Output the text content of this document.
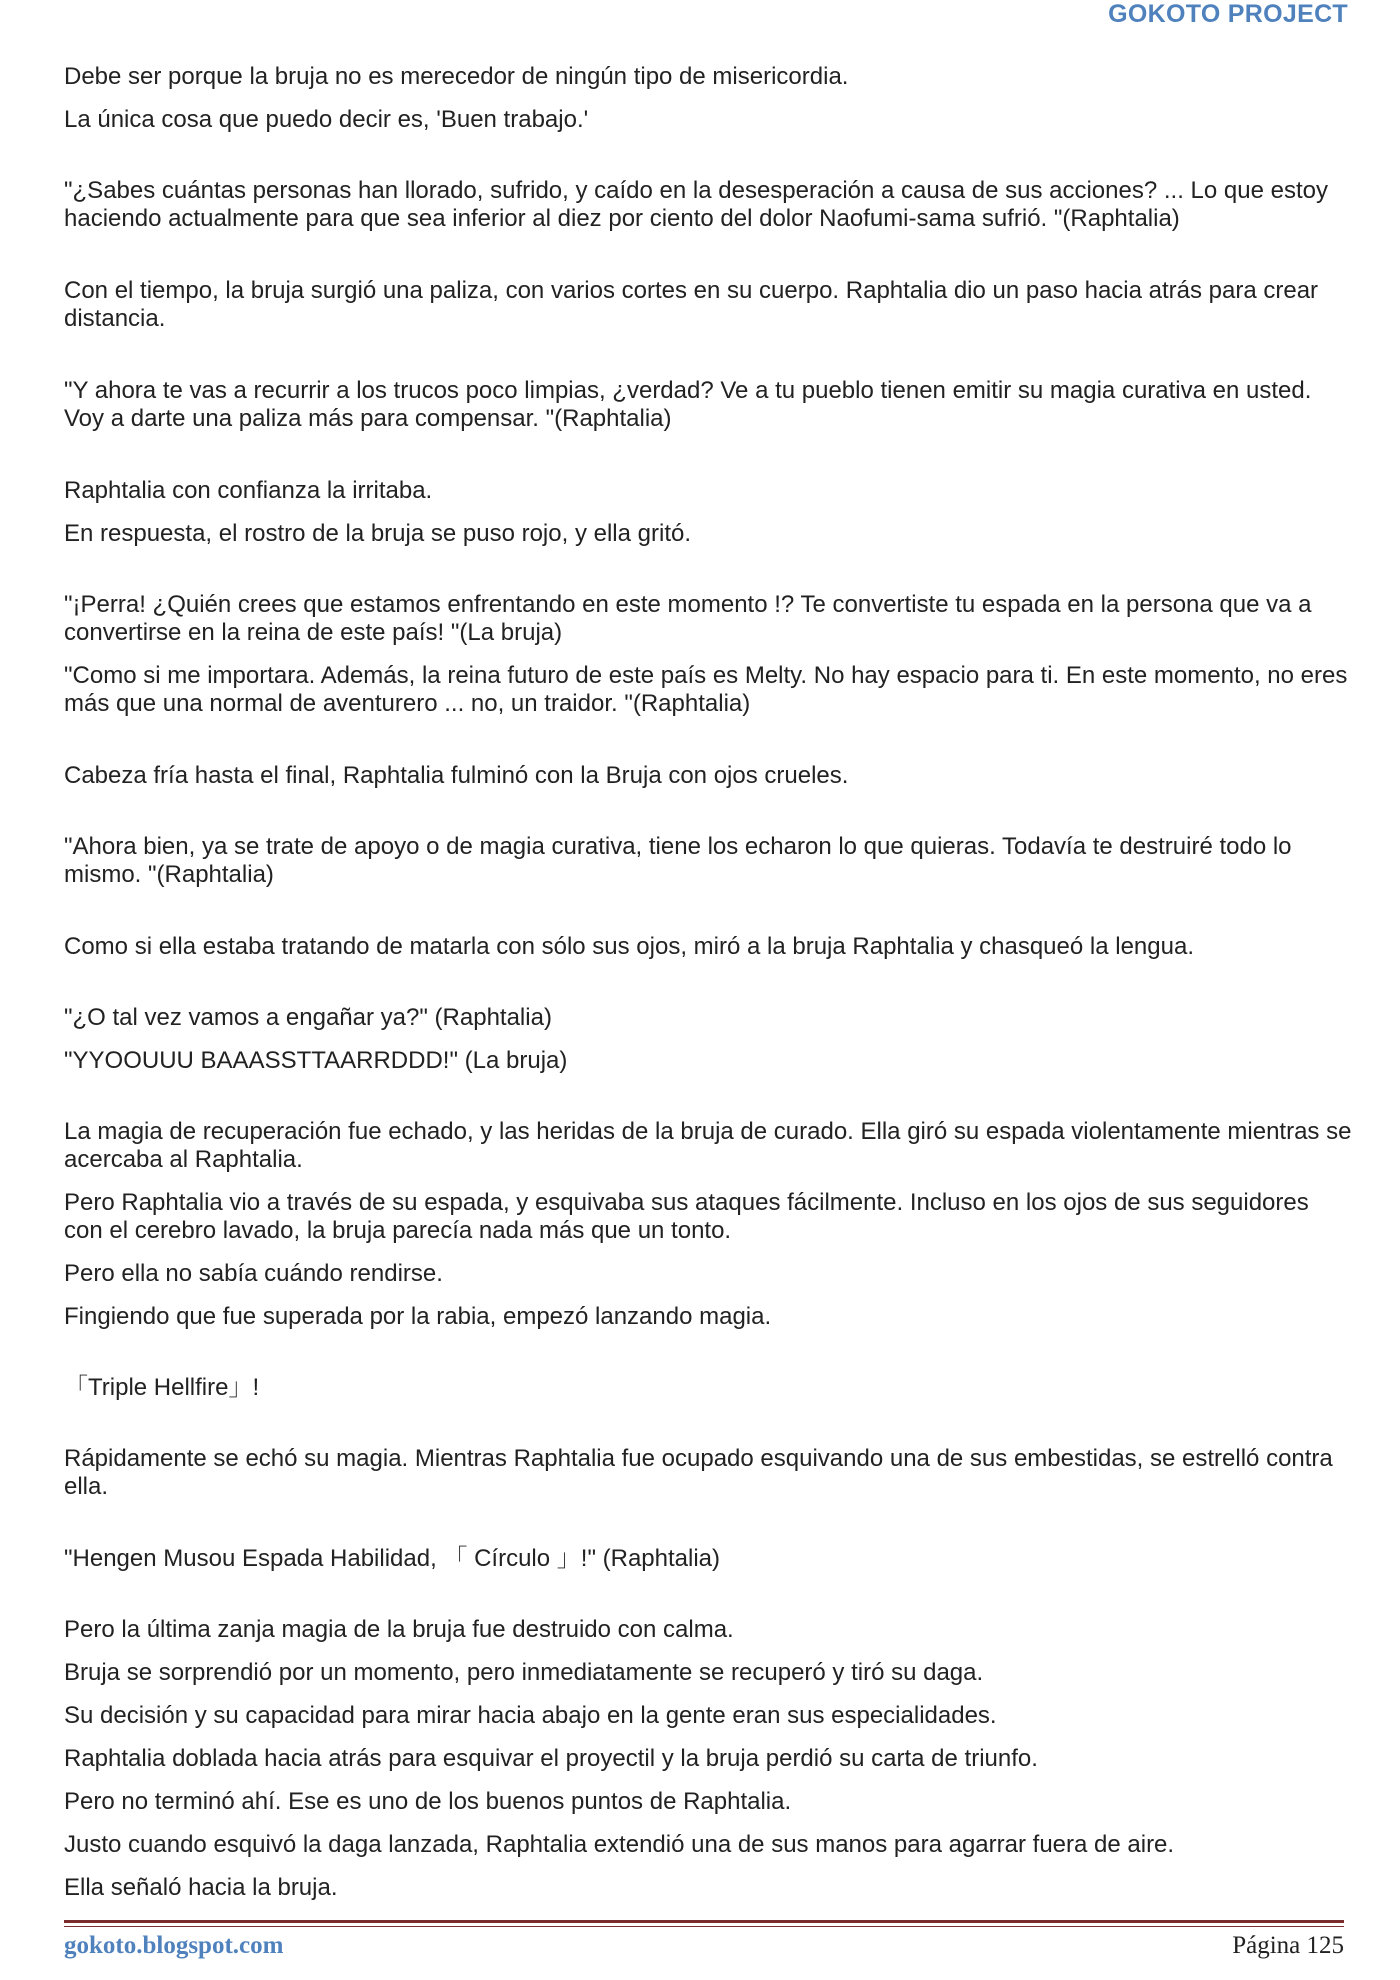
GOKOTO PROJECT

Debe ser porque la bruja no es merecedor de ningún tipo de misericordia.

La única cosa que puedo decir es, 'Buen trabajo.'

"¿Sabes cuántas personas han llorado, sufrido, y caído en la desesperación a causa de sus acciones? ... Lo que estoy haciendo actualmente para que sea inferior al diez por ciento del dolor Naofumi-sama sufrió. "(Raphtalia)

Con el tiempo, la bruja surgió una paliza, con varios cortes en su cuerpo. Raphtalia dio un paso hacia atrás para crear distancia.

"Y ahora te vas a recurrir a los trucos poco limpias, ¿verdad? Ve a tu pueblo tienen emitir su magia curativa en usted. Voy a darte una paliza más para compensar. "(Raphtalia)

Raphtalia con confianza la irritaba.

En respuesta, el rostro de la bruja se puso rojo, y ella gritó.

"¡Perra! ¿Quién crees que estamos enfrentando en este momento !? Te convertiste tu espada en la persona que va a convertirse en la reina de este país! "(La bruja)

"Como si me importara. Además, la reina futuro de este país es Melty. No hay espacio para ti. En este momento, no eres más que una normal de aventurero ... no, un traidor. "(Raphtalia)

Cabeza fría hasta el final, Raphtalia fulminó con la Bruja con ojos crueles.

"Ahora bien, ya se trate de apoyo o de magia curativa, tiene los echaron lo que quieras. Todavía te destruiré todo lo mismo. "(Raphtalia)

Como si ella estaba tratando de matarla con sólo sus ojos, miró a la bruja Raphtalia y chasqueó la lengua.

"¿O tal vez vamos a engañar ya?" (Raphtalia)

"YYOOUUU BAAASSTTAARRDDD!" (La bruja)

La magia de recuperación fue echado, y las heridas de la bruja de curado. Ella giró su espada violentamente mientras se acercaba al Raphtalia.

Pero Raphtalia vio a través de su espada, y esquivaba sus ataques fácilmente. Incluso en los ojos de sus seguidores con el cerebro lavado, la bruja parecía nada más que un tonto.

Pero ella no sabía cuándo rendirse.

Fingiendo que fue superada por la rabia, empezó lanzando magia.

「Triple Hellfire」!

Rápidamente se echó su magia. Mientras Raphtalia fue ocupado esquivando una de sus embestidas, se estrelló contra ella.

"Hengen Musou Espada Habilidad, 「 Círculo 」!" (Raphtalia)

Pero la última zanja magia de la bruja fue destruido con calma.

Bruja se sorprendió por un momento, pero inmediatamente se recuperó y tiró su daga.

Su decisión y su capacidad para mirar hacia abajo en la gente eran sus especialidades.

Raphtalia doblada hacia atrás para esquivar el proyectil y la bruja perdió su carta de triunfo.

Pero no terminó ahí. Ese es uno de los buenos puntos de Raphtalia.

Justo cuando esquivó la daga lanzada, Raphtalia extendió una de sus manos para agarrar fuera de aire.

Ella señaló hacia la bruja.

gokoto.blogspot.com	Página 125
